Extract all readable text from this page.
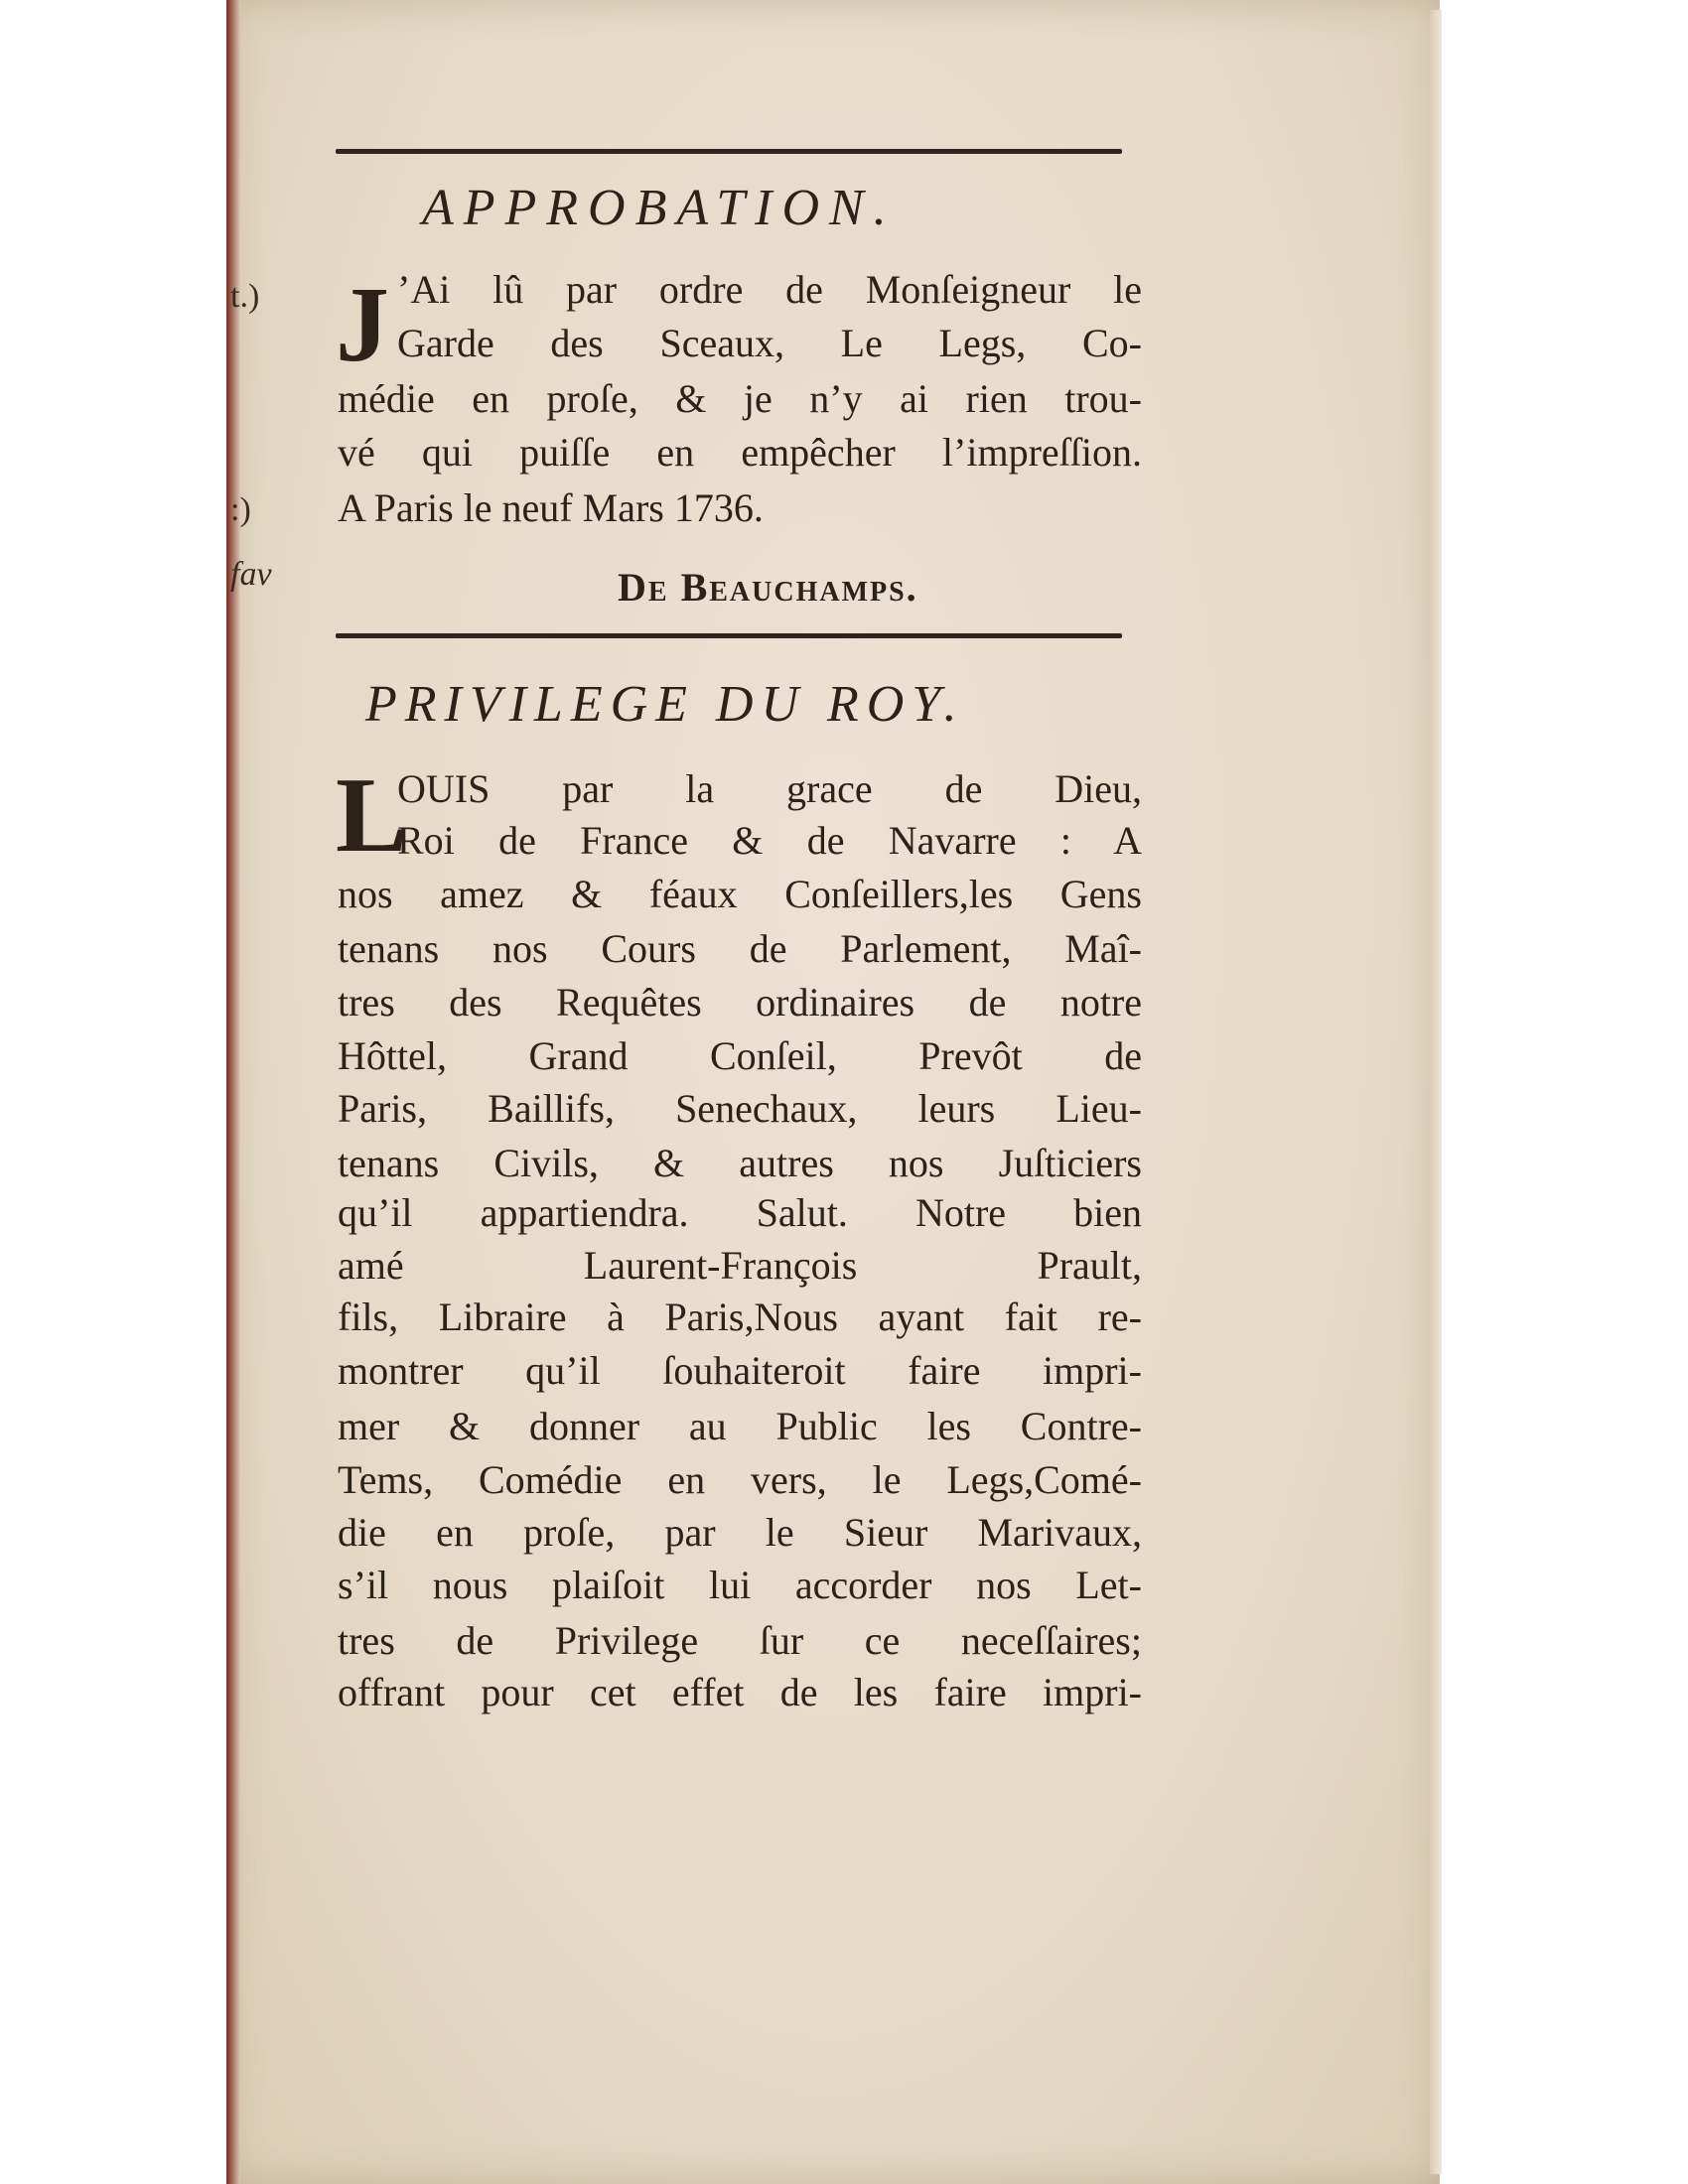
t.)
:)
fav
APPROBATION.
J ’Ai lû par ordre de Monſeigneur le
Garde des Sceaux, Le Legs, Co-
médie en proſe, & je n’y ai rien trou-
vé qui puiſſe en empêcher l’impreſſion.
A Paris le neuf Mars 1736.
De Beauchamps.
PRIVILEGE DU ROY.
L
OUIS par la grace de Dieu,
Roi de France & de Navarre : A
nos amez & féaux Conſeillers,les Gens
tenans nos Cours de Parlement, Maî-
tres des Requêtes ordinaires de notre
Hôttel, Grand Conſeil, Prevôt de
Paris, Baillifs, Senechaux, leurs Lieu-
tenans Civils, & autres nos Juſticiers
qu’il appartiendra. Salut. Notre bien
amé Laurent-François Prault,
fils, Libraire à Paris,Nous ayant fait re-
montrer qu’il ſouhaiteroit faire impri-
mer & donner au Public les Contre-
Tems, Comédie en vers, le Legs,Comé-
die en proſe, par le Sieur Marivaux,
s’il nous plaiſoit lui accorder nos Let-
tres de Privilege ſur ce neceſſaires;
offrant pour cet effet de les faire impri-
